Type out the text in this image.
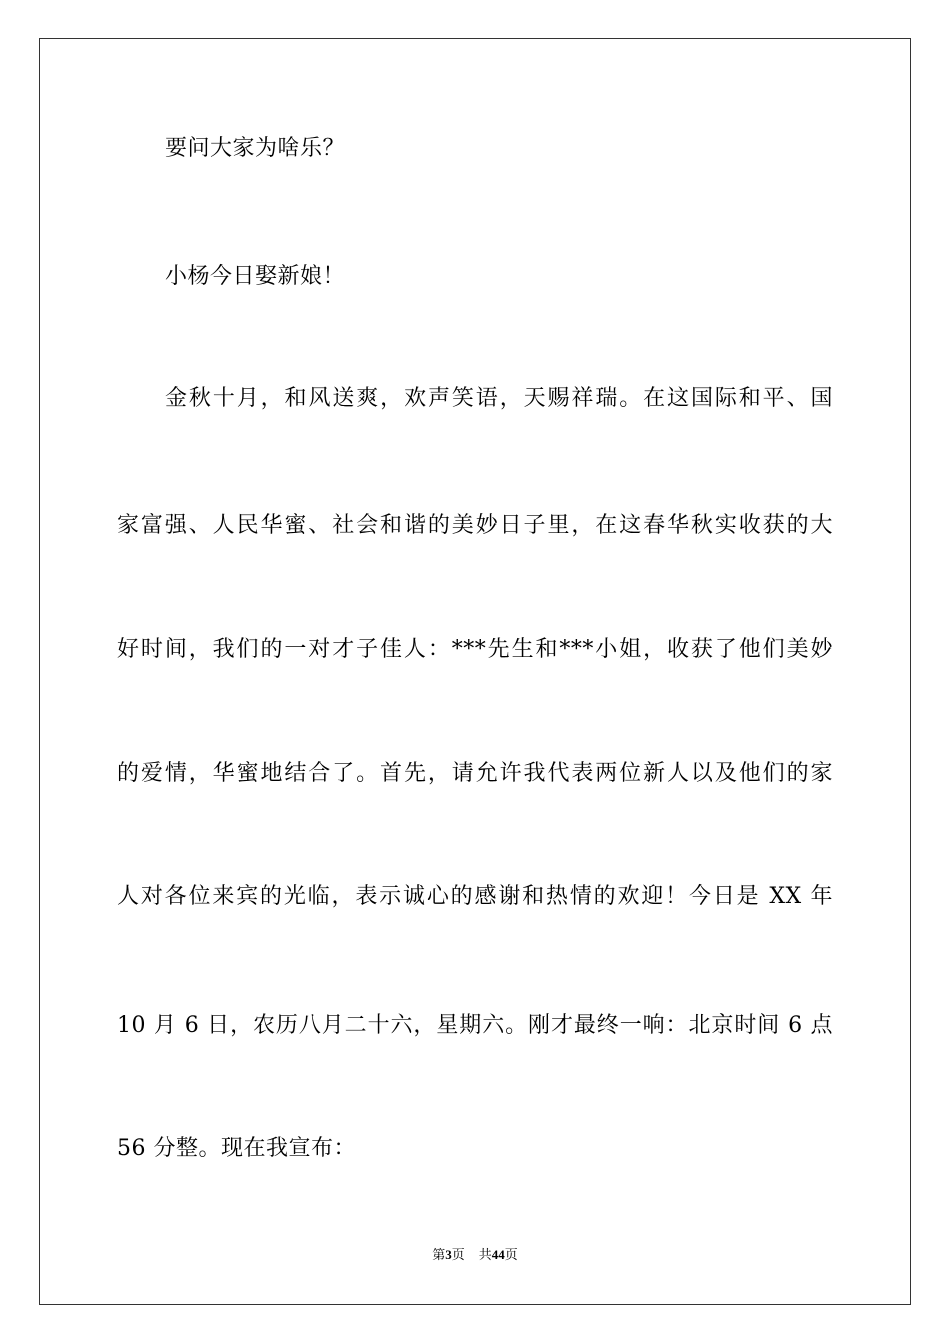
要问大家为啥乐？
小杨今日娶新娘！
金秋十月，和风送爽，欢声笑语，天赐祥瑞。在这国际和平、国
家富强、人民华蜜、社会和谐的美妙日子里，在这春华秋实收获的大
好时间，我们的一对才子佳人：***先生和***小姐，收获了他们美妙
的爱情，华蜜地结合了。首先，请允许我代表两位新人以及他们的家
人对各位来宾的光临，表示诚心的感谢和热情的欢迎！今日是 XX 年
10 月 6 日，农历八月二十六，星期六。刚才最终一响：北京时间 6 点
56 分整。现在我宣布：
第3页 共44页
